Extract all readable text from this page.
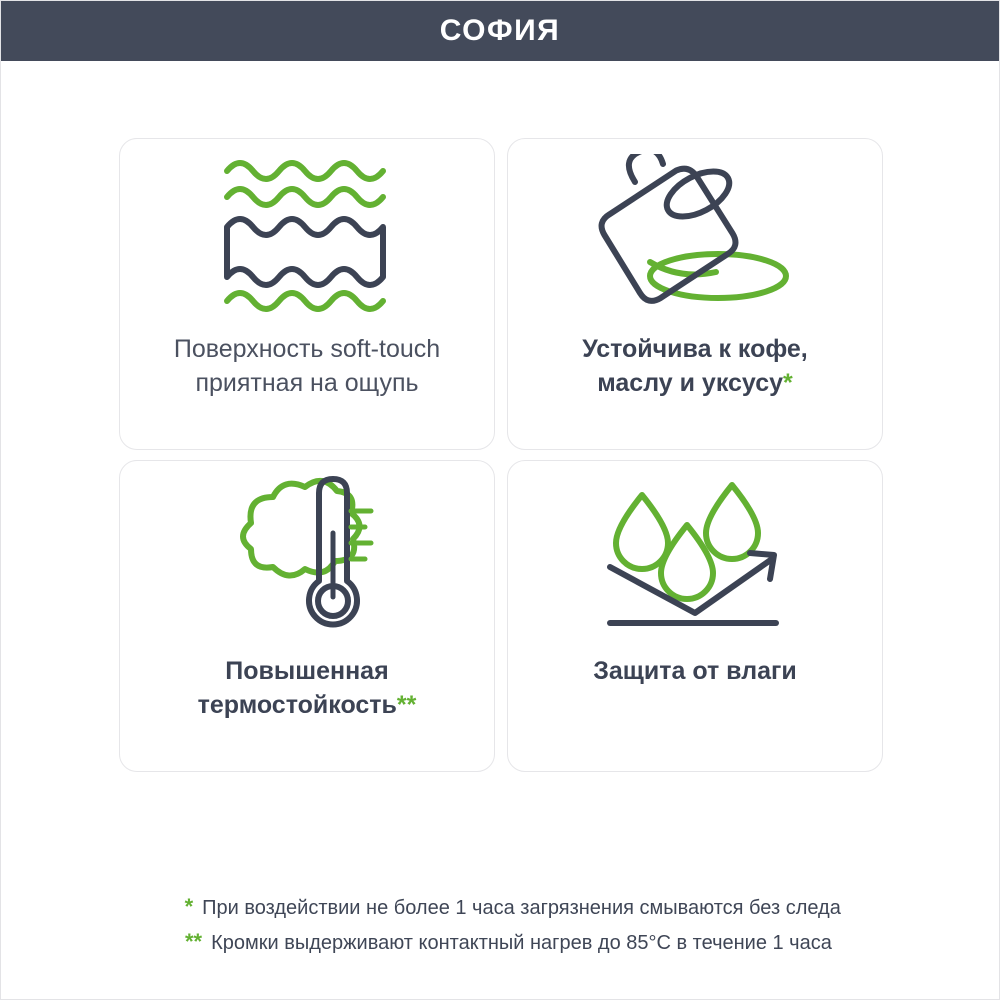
СОФИЯ
Поверхность soft-touch
приятная на ощупь
Устойчива к кофе,
маслу и уксусу*
Повышенная
термостойкость**
Защита от влаги
* При воздействии не более 1 часа загрязнения смываются без следа
** Кромки выдерживают контактный нагрев до 85°C в течение 1 часа
